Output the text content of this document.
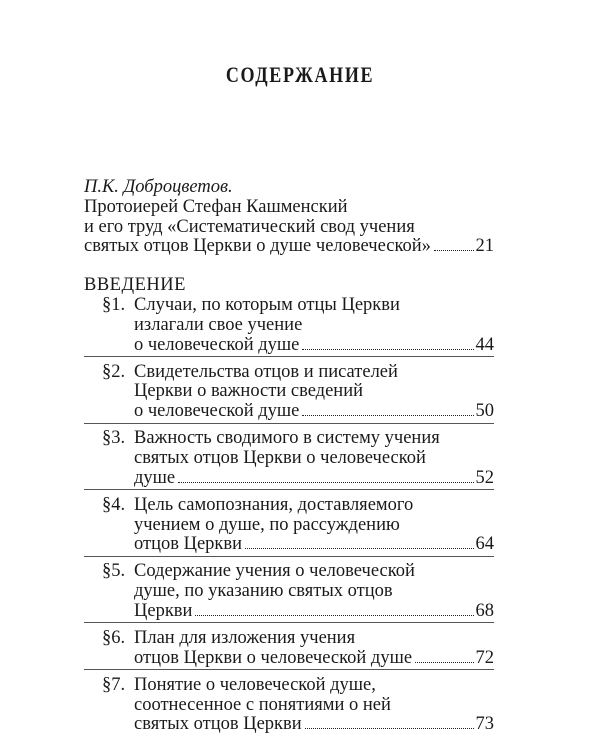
СОДЕРЖАНИЕ
П.К. Доброцветов.
Протоиерей Стефан Кашменский
и его труд «Систематический свод учения
святых отцов Церкви о душе человеческой» 21
ВВЕДЕНИЕ
§1. Случаи, по которым отцы Церкви
излагали свое учение
о человеческой душе	44
§2. Свидетельства отцов и писателей
Церкви о важности сведений
о человеческой душе	50
§3. Важность сводимого в систему учения
святых отцов Церкви о человеческой
душе	52
§4. Цель самопознания, доставляемого
учением о душе, по рассуждению
отцов Церкви	64
§5. Содержание учения о человеческой
душе, по указанию святых отцов
Церкви	68
§6. План для изложения учения
отцов Церкви о человеческой душе	72
§7. Понятие о человеческой душе,
соотнесенное с понятиями о ней
святых отцов Церкви	73
